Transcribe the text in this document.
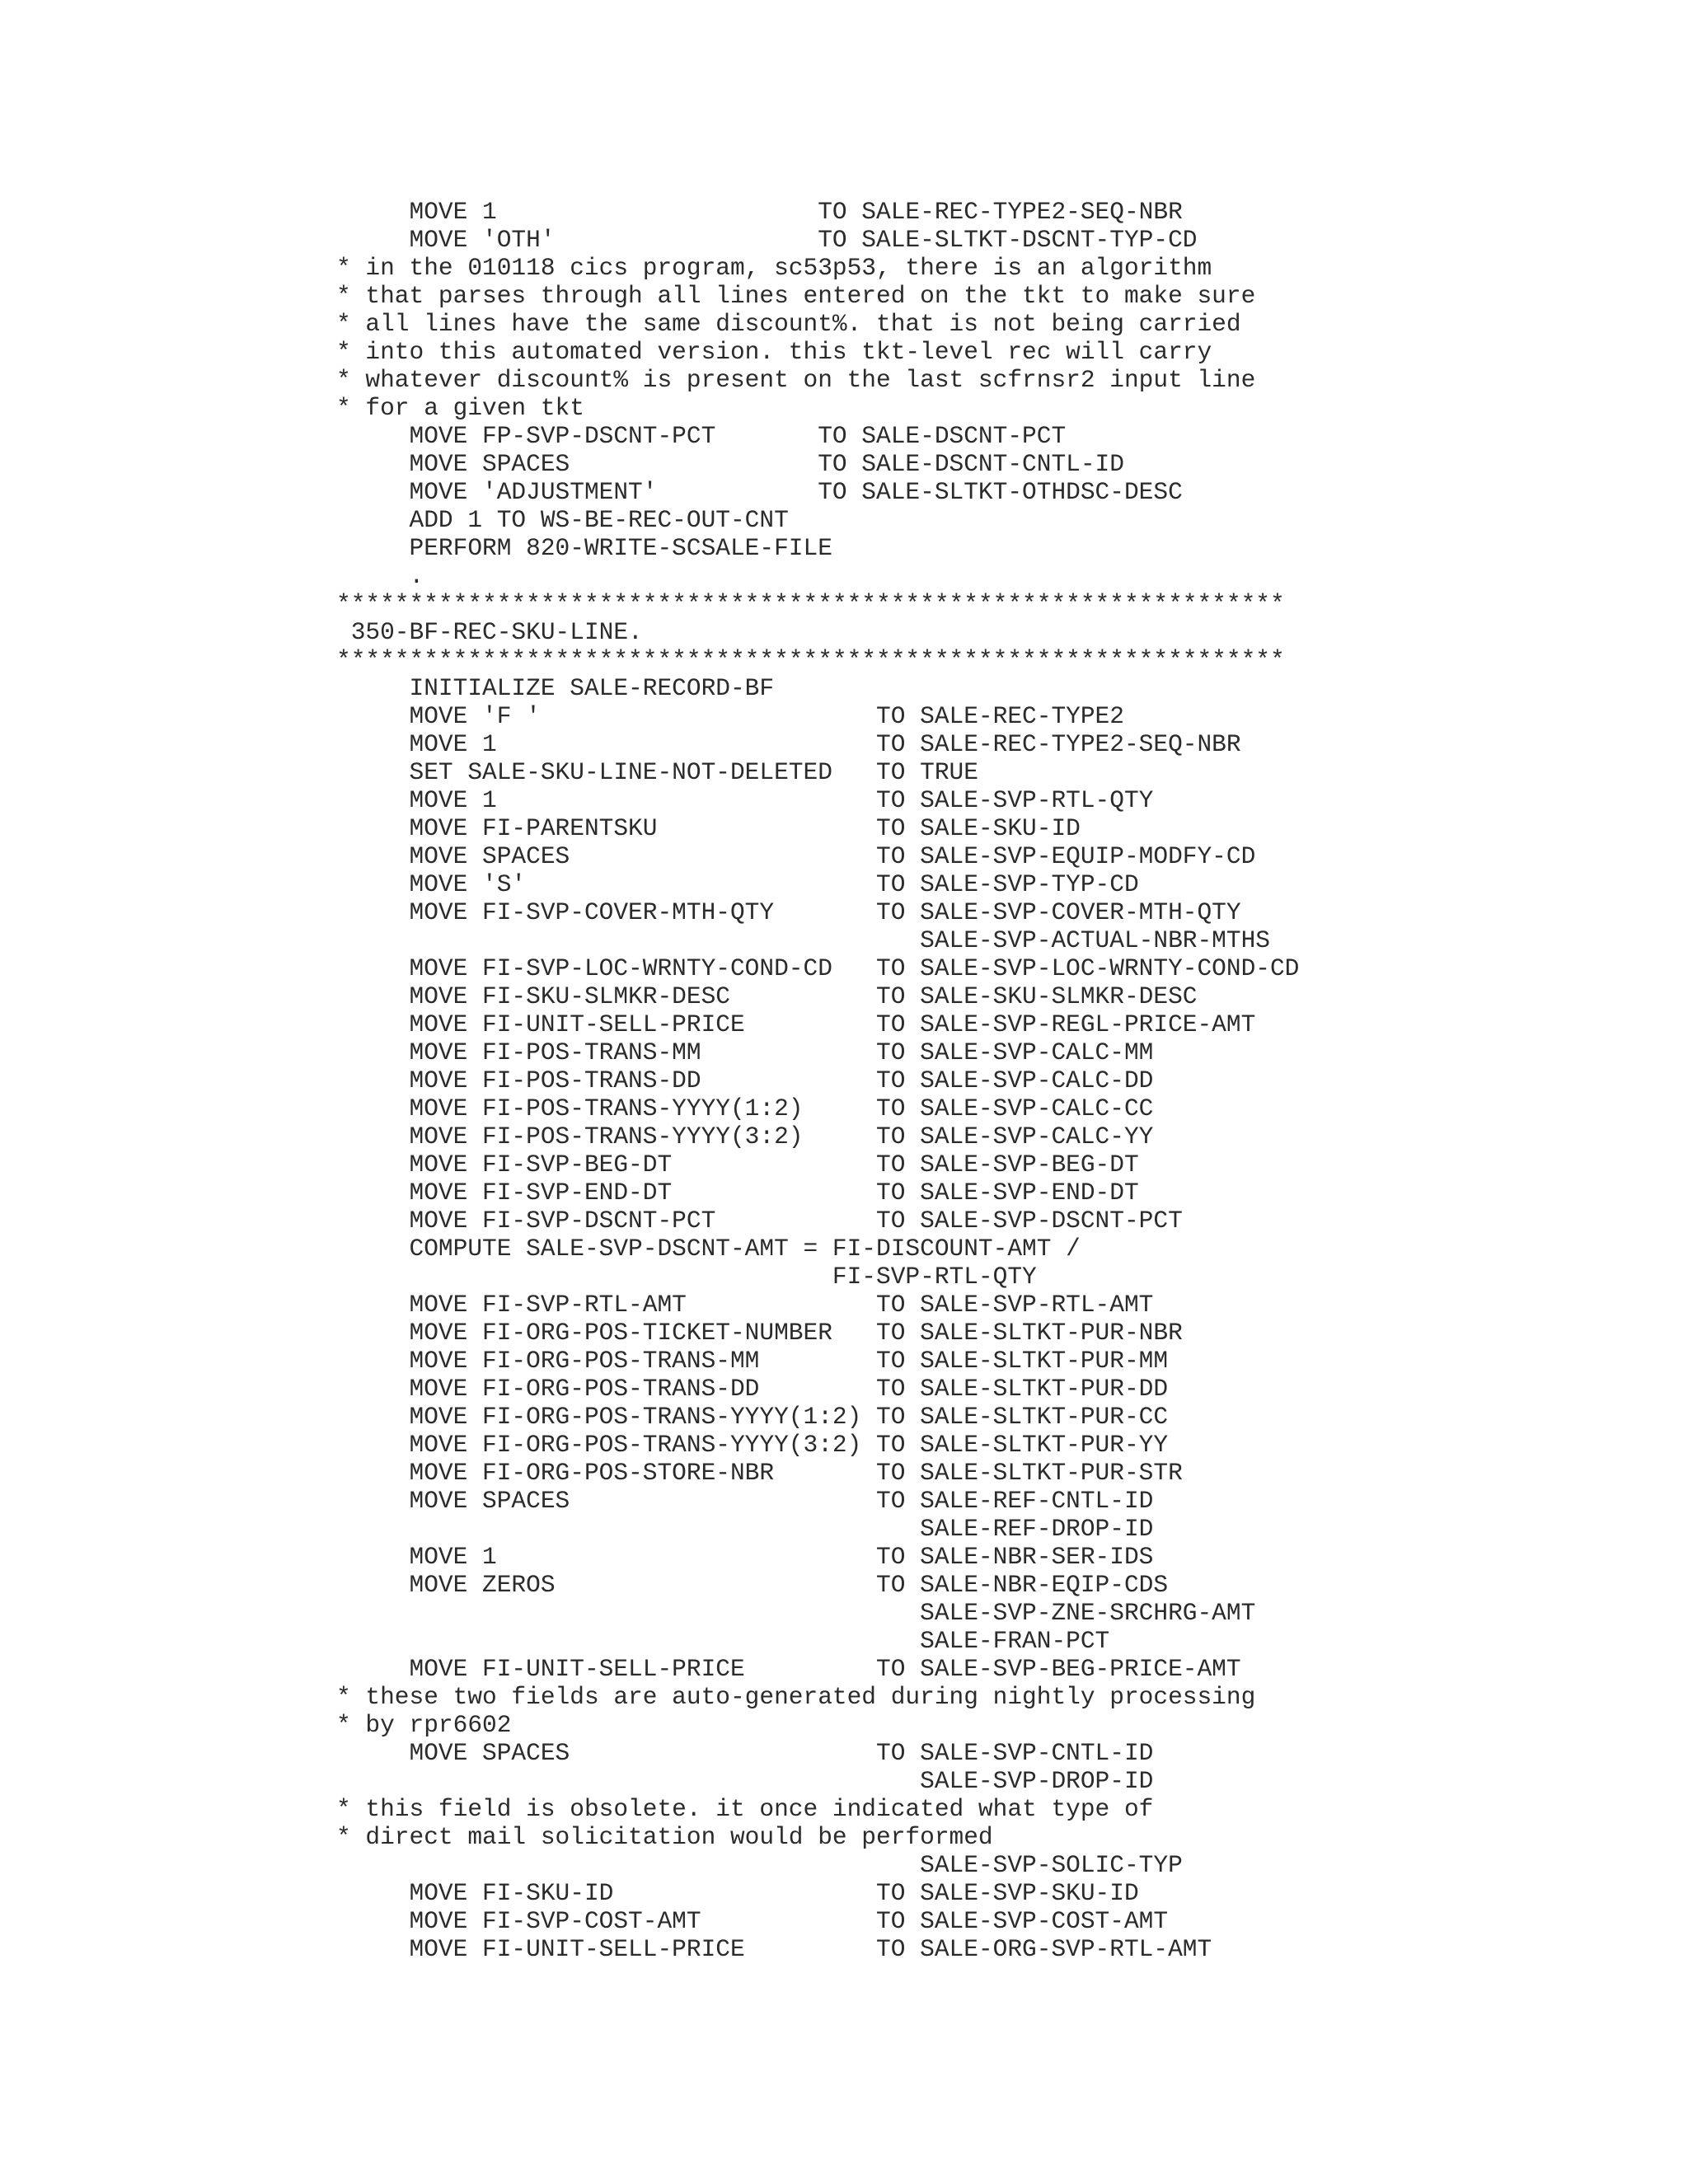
MOVE 1                      TO SALE-REC-TYPE2-SEQ-NBR
MOVE 'OTH'                  TO SALE-SLTKT-DSCNT-TYP-CD
* in the 010118 cics program, sc53p53, there is an algorithm
* that parses through all lines entered on the tkt to make sure
* all lines have the same discount%. that is not being carried
* into this automated version. this tkt-level rec will carry
* whatever discount% is present on the last scfrnsr2 input line
* for a given tkt
MOVE FP-SVP-DSCNT-PCT       TO SALE-DSCNT-PCT
MOVE SPACES                 TO SALE-DSCNT-CNTL-ID
MOVE 'ADJUSTMENT'           TO SALE-SLTKT-OTHDSC-DESC
ADD 1 TO WS-BE-REC-OUT-CNT
PERFORM 820-WRITE-SCSALE-FILE
.
*****************************************************************
350-BF-REC-SKU-LINE.
*****************************************************************
INITIALIZE SALE-RECORD-BF
MOVE 'F '                       TO SALE-REC-TYPE2
MOVE 1                          TO SALE-REC-TYPE2-SEQ-NBR
SET SALE-SKU-LINE-NOT-DELETED   TO TRUE
MOVE 1                          TO SALE-SVP-RTL-QTY
MOVE FI-PARENTSKU               TO SALE-SKU-ID
MOVE SPACES                     TO SALE-SVP-EQUIP-MODFY-CD
MOVE 'S'                        TO SALE-SVP-TYP-CD
MOVE FI-SVP-COVER-MTH-QTY       TO SALE-SVP-COVER-MTH-QTY
SALE-SVP-ACTUAL-NBR-MTHS
MOVE FI-SVP-LOC-WRNTY-COND-CD   TO SALE-SVP-LOC-WRNTY-COND-CD
MOVE FI-SKU-SLMKR-DESC          TO SALE-SKU-SLMKR-DESC
MOVE FI-UNIT-SELL-PRICE         TO SALE-SVP-REGL-PRICE-AMT
MOVE FI-POS-TRANS-MM            TO SALE-SVP-CALC-MM
MOVE FI-POS-TRANS-DD            TO SALE-SVP-CALC-DD
MOVE FI-POS-TRANS-YYYY(1:2)     TO SALE-SVP-CALC-CC
MOVE FI-POS-TRANS-YYYY(3:2)     TO SALE-SVP-CALC-YY
MOVE FI-SVP-BEG-DT              TO SALE-SVP-BEG-DT
MOVE FI-SVP-END-DT              TO SALE-SVP-END-DT
MOVE FI-SVP-DSCNT-PCT           TO SALE-SVP-DSCNT-PCT
COMPUTE SALE-SVP-DSCNT-AMT = FI-DISCOUNT-AMT /
FI-SVP-RTL-QTY
MOVE FI-SVP-RTL-AMT             TO SALE-SVP-RTL-AMT
MOVE FI-ORG-POS-TICKET-NUMBER   TO SALE-SLTKT-PUR-NBR
MOVE FI-ORG-POS-TRANS-MM        TO SALE-SLTKT-PUR-MM
MOVE FI-ORG-POS-TRANS-DD        TO SALE-SLTKT-PUR-DD
MOVE FI-ORG-POS-TRANS-YYYY(1:2) TO SALE-SLTKT-PUR-CC
MOVE FI-ORG-POS-TRANS-YYYY(3:2) TO SALE-SLTKT-PUR-YY
MOVE FI-ORG-POS-STORE-NBR       TO SALE-SLTKT-PUR-STR
MOVE SPACES                     TO SALE-REF-CNTL-ID
SALE-REF-DROP-ID
MOVE 1                          TO SALE-NBR-SER-IDS
MOVE ZEROS                      TO SALE-NBR-EQIP-CDS
SALE-SVP-ZNE-SRCHRG-AMT
SALE-FRAN-PCT
MOVE FI-UNIT-SELL-PRICE         TO SALE-SVP-BEG-PRICE-AMT
* these two fields are auto-generated during nightly processing
* by rpr6602
MOVE SPACES                     TO SALE-SVP-CNTL-ID
SALE-SVP-DROP-ID
* this field is obsolete. it once indicated what type of
* direct mail solicitation would be performed
SALE-SVP-SOLIC-TYP
MOVE FI-SKU-ID                  TO SALE-SVP-SKU-ID
MOVE FI-SVP-COST-AMT            TO SALE-SVP-COST-AMT
MOVE FI-UNIT-SELL-PRICE         TO SALE-ORG-SVP-RTL-AMT
